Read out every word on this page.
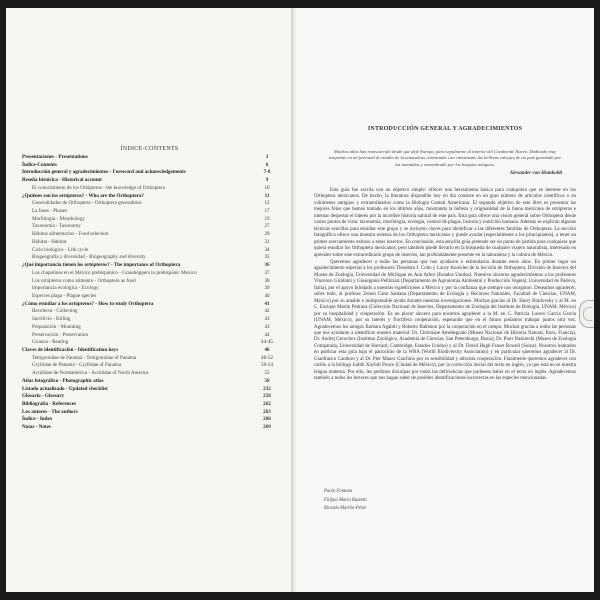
ÍNDICE-CONTENTS
Presentaciones - Presentations	3
Índice-Contents	6
Introducción general y agradecimientos - Foreword and acknowledgements	7-8
Reseña histórica - Historical account	9
El conocimiento de los Ortópteros - the knowledge of Orthoptera	10
¿Quiénes son los ortópteros? - Who are the Orthoptera?	11
Generalidades de Orthoptera - Orthoptera generalities	12
La fases - Phases	17
Morfología - Morphology	19
Taxonomía - Taxonomy	27
Hábitos alimentarios - Food selection	29
Hábitat - Habitat	31
Ciclo biológico - Life cycle	34
Biogeografía y diversidad - Biogeography and diversity	35
¿Qué importancia tienen los ortópteros? - The importance of Orthoptera	36
Los chapulines en el México prehispánico - Grasshoppers in prehispanic Mexico	37
Los ortópteros como alimento - Orthoptera as food	38
Importancia ecológica - Ecology	39
Especies plaga - Plague species	40
¿Cómo estudiar a los ortópteros? - How to study Orthoptera	41
Recolecta - Collecting	42
Sacrificio - Killing	43
Preparación - Mounting	43
Preservación - Preservation	44
Crianza - Rearing	44-45
Claves de identificación - Identification keys	46
Tettigoniidae de Panamá - Tettigoniidae of Panama	46-52
Gryllidae de Panamá - Gryllidae of Panama	50-54
Acrididae de Norteamérica - Acrididae of North America	55
Atlas fotográfico - Photographic atlas	58
Listado actualizado - Updated checklist	232
Glosario - Glossary	258
Bibliografía - References	262
Los autores - The authors	263
Índice - Index	266
Notas - Notes	269
INTRODUCCIÓN GENERAL Y AGRADECIMIENTOS
Muchos años han transcurrido desde que dejé Europa, para sepultarme al interior del Continente Nuevo. Dedicado muy temprano en mi juventud al estudio de la naturaleza, intentando con entusiasmo las bellezas salvajes de un país guardado por las montañas y ensombrado por los bosques antiguos.
Alexander von Humboldt

Esta guía fue escrita con un objetivo simple: ofrecer una herramienta básica para cualquiera que se interese en los Orthoptera mexicanos. De hecho, la literatura disponible hoy en día consiste en un gran número de artículos científicos o en volúmenes antiguos y extraordinarios como la Biologia Central Americana. El segundo objetivo de este libro es presentar las mejores fotos que hemos tomado en los últimos años, mostrando la belleza y originalidad de la fauna mexicana de ortópteros e intentar despertar el interés por la increíble historia natural de este país. Esta guía ofrece una visión general sobre Orthoptera desde varios puntos de vista: taxonomía, morfología, ecología, control de plagas, historia y nutrición humana. Además se explican algunas técnicas sencillas para estudiar este grupo y se incluyen claves para identificar a las diferentes familias de Orthoptera. La sección fotográfica ofrece una muestra extensa de los Orthoptera mexicanos y puede ayudar (especialmente a los principiantes), a tener un primer acercamiento exitoso a estos insectos. En conclusión, esta sencilla guía pretende ser un punto de partida para cualquiera que quiera estudiar los Orthoptera mexicanos, pero también puede llevarlo en la búsqueda de cualquier viajero naturalista, interesado en aprender sobre este extraordinario grupo de insectos, tan profundamente presente en la naturaleza y la cultura de México.

Queremos agradecer a todas las personas que nos ayudaron o estimularon durante estos años. En primer lugar un agradecimiento especial a los profesores Theodore J. Cohn y Lacey Knowles de la Sección de Orthoptera, División de Insectos del Museo de Zoología, Universidad de Michigan en Ann Arbor (Estados Unidos). Nuestros sinceros agradecimientos a los profesores Vincenzo Girolami y Giuseppina Pellizzari (Departamento de Agronomía Ambiental y Producción Vegetal, Universidad de Padova, Italia), por el apoyo brindado a nuestras expediciones a México y por la confianza que siempre nos otorgaron. Deseamos agradecer, sobre todo, al profesor Zenón Cano Santana (Departamento de Ecología y Recursos Naturales, Facultad de Ciencias, UNAM, México) por su amable e indispensable ayuda durante nuestras investigaciones. Muchas gracias al Dr. Harry Brailovsky y al M. en C. Enrique Martín Pedraza (Colección Nacional de Insectos, Departamento de Zoología del Instituto de Biología, UNAM, México) por su hospitalidad y cooperación. Es un placer sincero para nosotros agradecer a la M. en C. Patricia Lucero García García (UNAM, México), por su interés y fructífera cooperación, esperando que en el futuro podamos trabajar juntos otra vez. Agradecemos los amigos Barbara Agabiti y Roberto Battiston por la cooperación en el campo. Muchas gracias a todos las personas que nos ayudaron a identificar nuestro material: Dr. Christiane Amedegnato (Museo Nacional de Historia Natural, Paris, Francia), Dr. Andrej Gorochov (Instituto Zoológico, Academia de Ciencias, San Petersburgo, Rusia), Dr. Piotr Naskrecki (Museo de Zoología Comparada, Universidad de Harvard, Cambridge, Estados Unidos) y al Dr. David Hugh Fraser Rowell (Suiza). Nosotros honrados en publicar esta guía bajo el patrocinio de la WBA (World Biodiversity Association) y en particular queremos agradecer al Dr. Gianfranco Caoduro y al Dr. Pier Mauro Giachino por su sensibilidad y altruista cooperación. Finalmente queremos agradecer con cariño a la bióloga Judith Xóchitl Ponce (Ciudad de México), por la corrección inicial del texto en inglés, ya que esta no es nuestra lengua materna. Por ello, les pedimos disculpas por todas las deficiencias que pudiesen haber en el texto en inglés. Agradecemos también a todos los lectores que nos hagan saber de posibles identificaciones incorrectas en las especies mencionadas.

Paolo Fontana
Filippo Maria Buzzetti
Ricardo Mariño-Pérez
